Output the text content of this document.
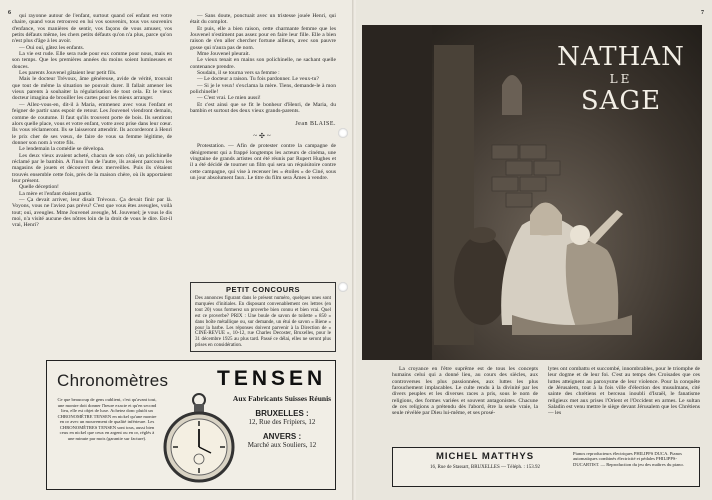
6	qui rayonne autour de l'enfant, surtout quand ceï enfant est votre chaire, quand vous retrouvez en lui vos souvenirs, tous vos souvenirs d'enfance, vos manières de sentir, vos façons de vous amuser, vos petits défauts même, les chers petits défauts qu'on n'a plus, parce qu'on n'est plus d'âge à les avoir.

— Oui oui, gâtez les enfants.

La vie est rude. Elle sera rude pour eux comme pour nous, mais en son temps. Que les premières années du moins soient lumineuses et douces.

Les parents Jouvenel gâtaient leur petit fils.

Mais le docteur Trévoux, âme généreuse, avide de vérité, trouvait que tout de même la situation ne pouvait durer. Il fallait amener les vieux parents à souhaiter la régularisation de tout cela. Et le vieux docteur imagina de brouiller les cartes pour les mieux arranger.

— Allez-vous-en, dit-il à Maria, emmenez avec vous l'enfant et feigner de partir sans espoir de retour. Les Jouvenel viendront demain, comme de coutume. Il faut qu'ils trouvent porte de bois. Ils sentiront alors quelle place, vous et votre enfant, votre avez prise dans leur cœur. Ils vous réclameront. Ils se laisseront attendrir. Ils accorderont à Henri le prix cher de ses vœux, de faire de vous sa femme légitime, de donner son nom à votre fils.

Le lendemain la comédie se dévelopa.

Les deux vieux avaient acheté, chacun de son côté, un polichinelle réclamé par le bambin. A l'insu l'un de l'autre, ils avaient parcouru les magasins de jouets et découvert deux merveilles. Puis ils s'étaient trouvés ensemble cette fois, près de la maison chère, où ils apportaient leur présent.

Quelle déception!

La mère et l'enfant étaient partis.

— Ça devait arriver, leur disait Trévoux. Ça devait finir par là. Voyons, vous ne l'aviez pas prévu? C'est que vous êtes aveugles, voilà tout; oui, aveugles. Mme Jouvenel aveugle, M. Jouvenel; je vous le dis moi, n'a visité aucune des nôtres loin de la droit de vous le dire. Est-il vrai, Henri?

— Sans doute, ponctuait avec un tristesse jouée Henri, qui était du complot.

Et puis, elle a bien raison, cette charmante femme que les Jouvenel n'estiment pas assez pour en faire leur fille. Elle a bien raison de s'en aller chercher fortune ailleurs, avec son pauvre gosse qui n'aura pas de nom.

Mme Jouvenel pleurait.

Le vieux tenait en mains son polichinelle, ne sachant quelle contenance prendre.

Soudain, il se tourna vers sa femme :

— Le docteur a raison. Tu fois pardonner. Le veux-tu?

— Si je le veux! s'exclama la mère. Tiens, demande-le à mon polichinelle!

— C'est vrai. Le mien aussi!

Et c'est ainsi que se fit le bonheur d'Henri, de Maria, du bambin et surtout des deux vieux grands-parents.

Jean BLAISE.
~✣~

Protestation. — Afin de protester contre la campagne de dénigrement qui a frappé longtemps les acteurs de cinéma, une vingtaine de grands artistes ont été réunis par Rupert Hughes et il a été décidé de tourner un film qui sera un réquisitoire contre cette campagne, qui vise à recenser les « étoiles » de Ciné, sous un jour absolument faux. Le titre du film sera Âmes à vendre.

PETIT CONCOURS
Des annonces figurant dans le présent numéro, quelques unes sont marquées d'initiales. En disposant convenablement ces lettres (en tout 20) vous formerez un proverbe bien connu et bien vrai. Quel est ce proverbe? PRIX : Une boule de savon de toilette « 850 » dans boîte métallique ou, sur demande, un étui de savon « Biene » pour la barbe. Les réponses doivent parvenir à la Direction de « CINÉ-REVUE », 10-12, rue Charles Decoster, Bruxelles, pour le 31 décembre 1925 au plus tard. Passé ce délai, elles ne seront plus prises en considération.
Chronomètres TENSEN
Ce que beaucoup de gens oublient, c'est qu'avant tout, une montre doit donner l'heure exacte et qu'en second lieu, elle est objet de luxe. Achetez donc plutôt un CHRONOMÈTRE TENSEN en nickel qu'une montre en or avec un mouvement de qualité inférieure. Les CHRONOMÈTRES TENSEN sont tous, aussi bien ceux en nickel que ceux en argent ou en or, réglés à une minute par mois (garantie sur facture).
Aux Fabricants Suisses Réunis
BRUXELLES :
12, Rue des Fripiers, 12
ANVERS :
Marché aux Souliers, 12
7
NATHAN
LE
SAGE

La croyance en l'être suprême est de tous les concepts humains celui qui a donné lieu, au cours des siècles, aux controverses les plus passionnées, aux luttes les plus farouchement implacables. Le culte rendu à la divinité par les divers peuples et les diverses races a pris, sous le nom de religions, des formes variées et souvent antagonistes. Chacune de ces religions a prétendu dès l'abord, être la seule vraie, la seule révélée par Dieu lui-même, et ses prosé-

lytes ont combattu et succombé, innombrables, pour le triomphe de leur dogme et de leur foi. C'est au temps des Croisades que ces luttes atteignent au paroxysme de leur violence. Pour la conquête de Jérusalem, tout à la fois ville d'élection des musulmans, cité sainte des chrétiens et berceau inoubli d'Israël, le fanatisme religieux met aux prises l'Orient et l'Occident en armes. Le sultan Saladin est venu mettre le siège devant Jérusalem que les Chrétiens — les

MICHEL MATTHYS
16, Rue de Stassart, BRUXELLES — Téléph. : 153.92
Pianos reproducteurs électriques PHILIPPS DUCA. Pianos automatiques combinés électricité et pédales PHILIPPS-DUCARTIST. — Reproduction du jeu des maîtres du piano.
